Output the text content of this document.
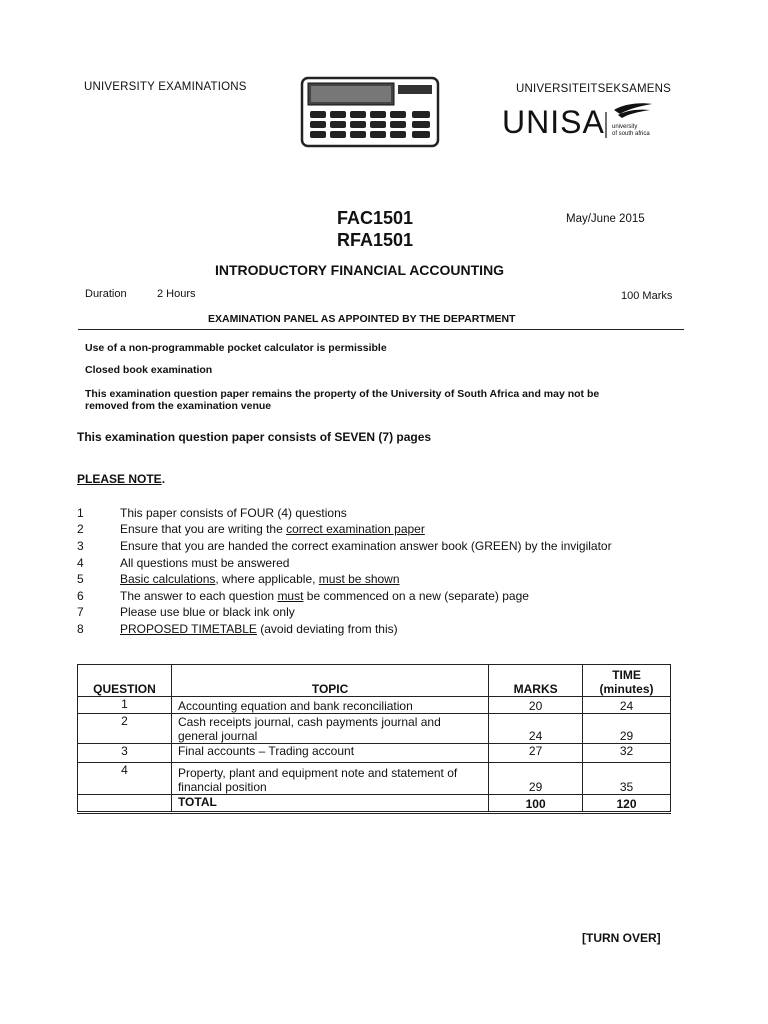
UNIVERSITY EXAMINATIONS	UNIVERSITEITSEKSAMENS
UNISA university
of south africa
FAC1501
RFA1501
May/June 2015
INTRODUCTORY FINANCIAL ACCOUNTING
Duration	2 Hours	100 Marks
EXAMINATION PANEL AS APPOINTED BY THE DEPARTMENT
Use of a non-programmable pocket calculator is permissible
Closed book examination
This examination question paper remains the property of the University of South Africa and may not be
removed from the examination venue
This examination question paper consists of SEVEN (7) pages
PLEASE NOTE.
1	This paper consists of FOUR (4) questions
2	Ensure that you are writing the correct examination paper
3	Ensure that you are handed the correct examination answer book (GREEN) by the invigilator
4	All questions must be answered
5	Basic calculations, where applicable, must be shown
6	The answer to each question must be commenced on a new (separate) page
7	Please use blue or black ink only
8	PROPOSED TIMETABLE (avoid deviating from this)
QUESTION	TOPIC	MARKS	TIME
(minutes)

1	Accounting equation and bank reconciliation	20	24
2	Cash receipts journal, cash payments journal and
general journal	24	29
3	Final accounts – Trading account	27	32
4	Property, plant and equipment note and statement of
financial position	29	35
	TOTAL	100	120
[TURN OVER]
